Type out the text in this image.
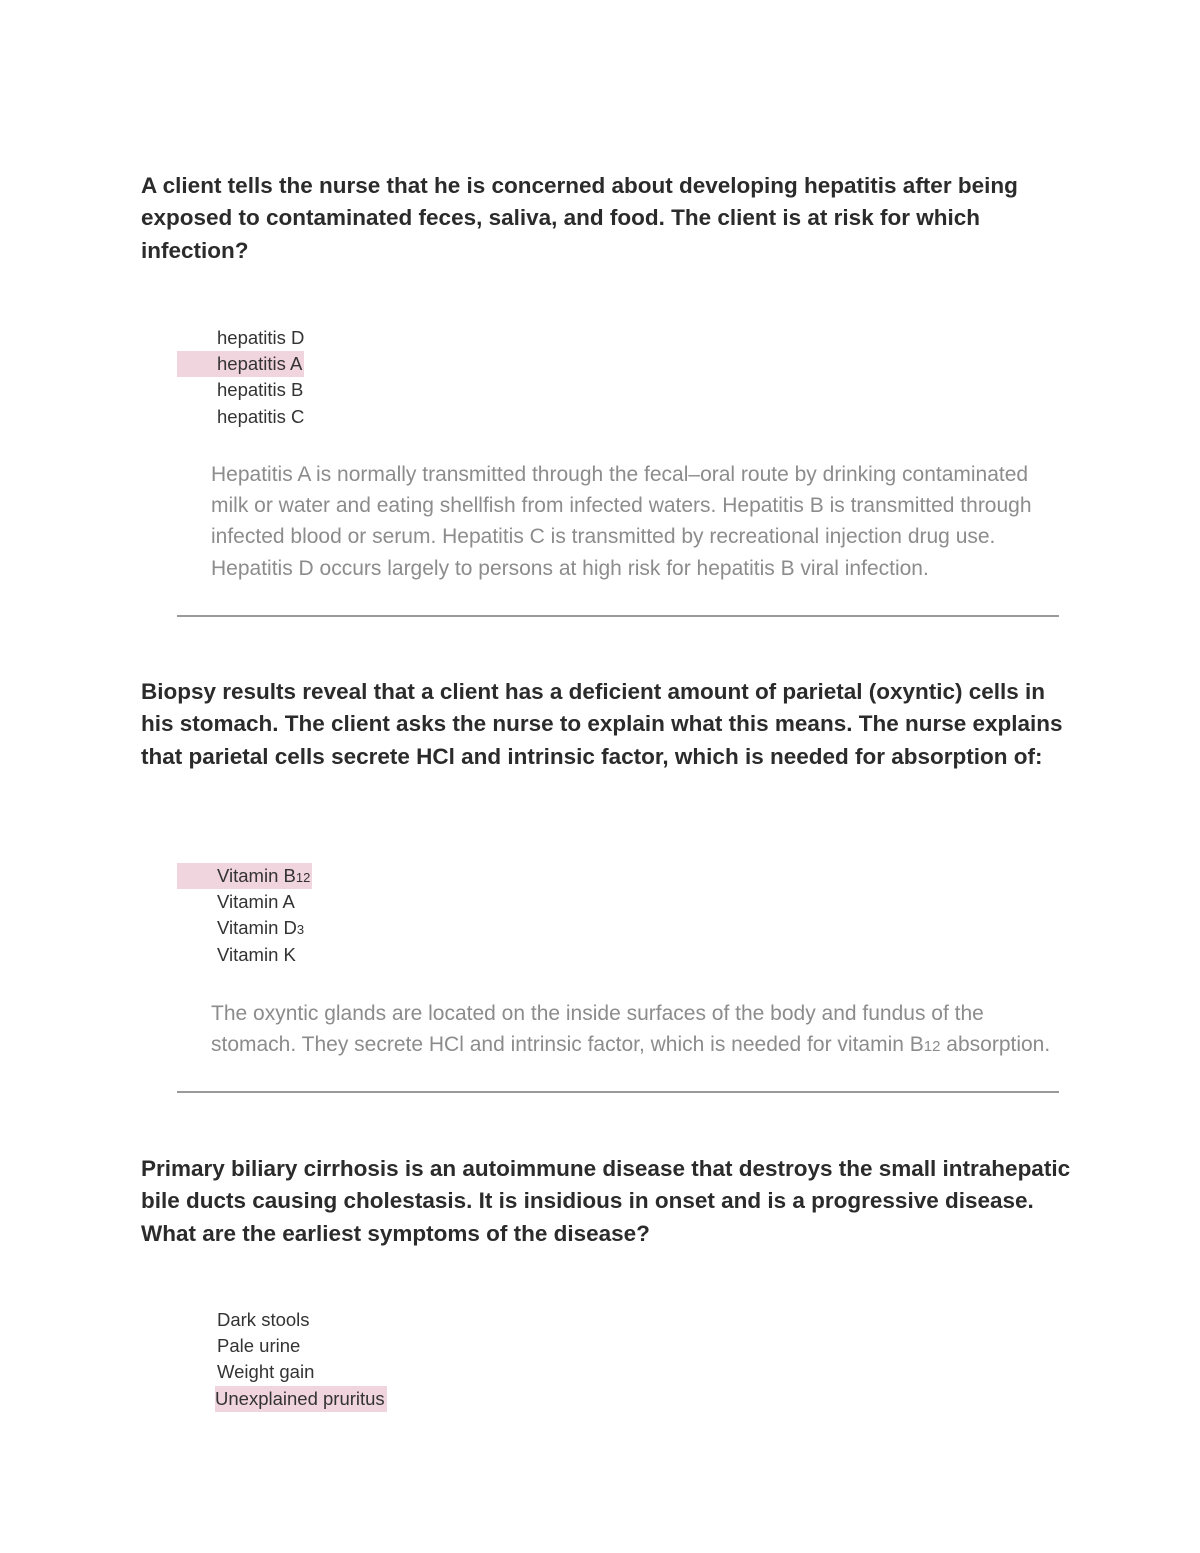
A client tells the nurse that he is concerned about developing hepatitis after being exposed to contaminated feces, saliva, and food. The client is at risk for which infection?

hepatitis D
hepatitis A
hepatitis B
hepatitis C

Hepatitis A is normally transmitted through the fecal–oral route by drinking contaminated milk or water and eating shellfish from infected waters. Hepatitis B is transmitted through infected blood or serum. Hepatitis C is transmitted by recreational injection drug use. Hepatitis D occurs largely to persons at high risk for hepatitis B viral infection.

Biopsy results reveal that a client has a deficient amount of parietal (oxyntic) cells in his stomach. The client asks the nurse to explain what this means. The nurse explains that parietal cells secrete HCl and intrinsic factor, which is needed for absorption of:

Vitamin B12
Vitamin A
Vitamin D3
Vitamin K

The oxyntic glands are located on the inside surfaces of the body and fundus of the stomach. They secrete HCl and intrinsic factor, which is needed for vitamin B12 absorption.

Primary biliary cirrhosis is an autoimmune disease that destroys the small intrahepatic bile ducts causing cholestasis. It is insidious in onset and is a progressive disease. What are the earliest symptoms of the disease?

Dark stools
Pale urine
Weight gain
Unexplained pruritus
